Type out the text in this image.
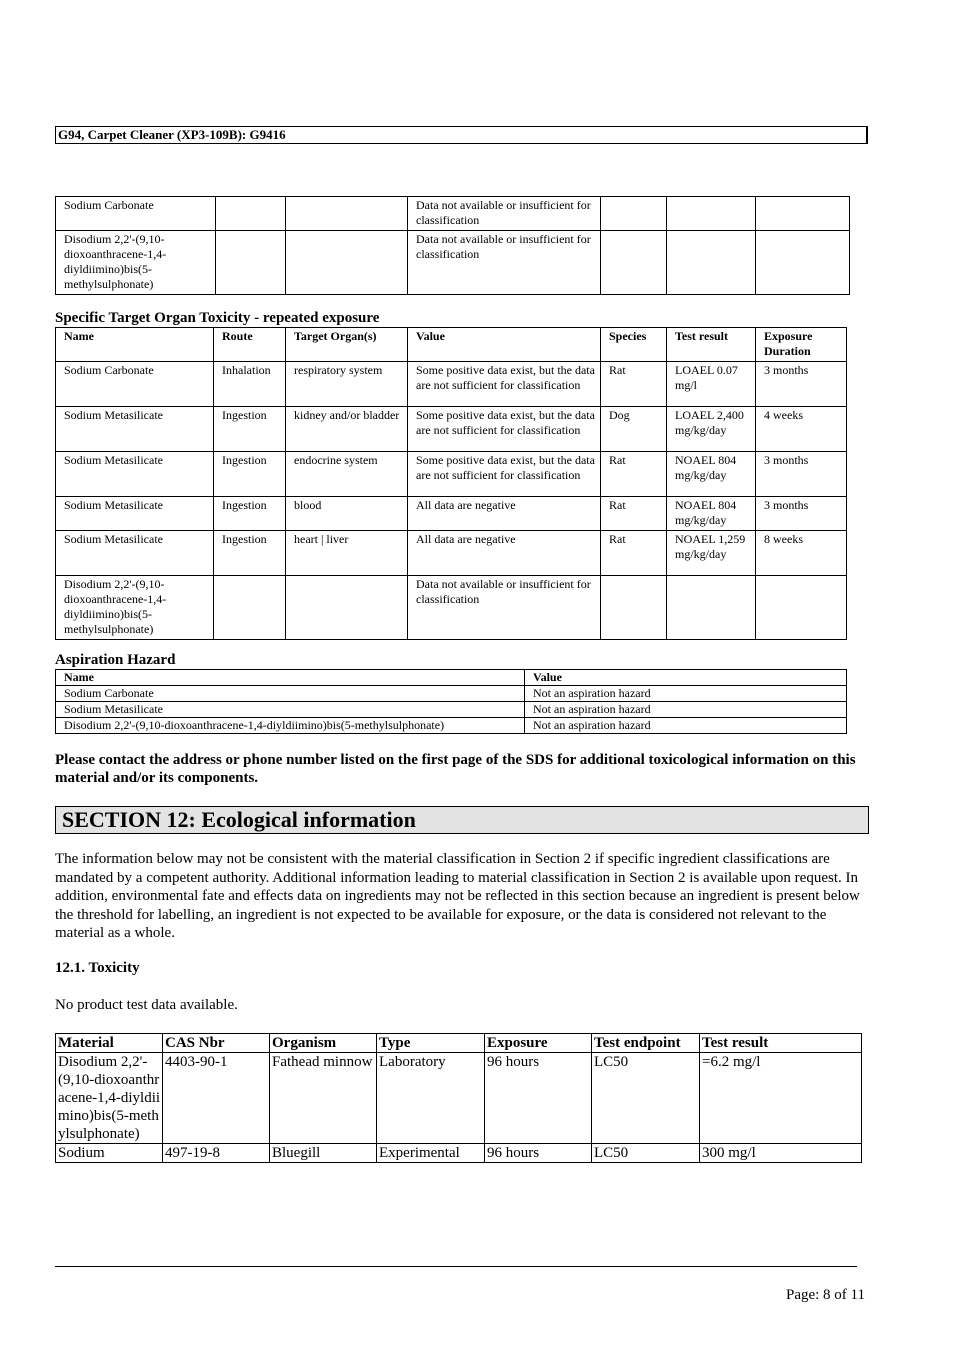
G94, Carpet Cleaner (XP3-109B): G9416
Sodium Carbonate			Data not available or insufficient for classification			
Disodium 2,2'-(9,10-dioxoanthracene-1,4-diyldiimino)bis(5-methylsulphonate)			Data not available or insufficient for classification			
Specific Target Organ Toxicity - repeated exposure
Name	Route	Target Organ(s)	Value	Species	Test result	Exposure Duration
Sodium Carbonate	Inhalation	respiratory system	Some positive data exist, but the data are not sufficient for classification	Rat	LOAEL 0.07 mg/l	3 months
Sodium Metasilicate	Ingestion	kidney and/or bladder	Some positive data exist, but the data are not sufficient for classification	Dog	LOAEL 2,400 mg/kg/day	4 weeks
Sodium Metasilicate	Ingestion	endocrine system	Some positive data exist, but the data are not sufficient for classification	Rat	NOAEL 804 mg/kg/day	3 months
Sodium Metasilicate	Ingestion	blood	All data are negative	Rat	NOAEL 804 mg/kg/day	3 months
Sodium Metasilicate	Ingestion	heart | liver	All data are negative	Rat	NOAEL 1,259 mg/kg/day	8 weeks
Disodium 2,2'-(9,10-dioxoanthracene-1,4-diyldiimino)bis(5-methylsulphonate)			Data not available or insufficient for classification			
Aspiration Hazard
Name	Value
Sodium Carbonate	Not an aspiration hazard
Sodium Metasilicate	Not an aspiration hazard
Disodium 2,2'-(9,10-dioxoanthracene-1,4-diyldiimino)bis(5-methylsulphonate)	Not an aspiration hazard
Please contact the address or phone number listed on the first page of the SDS for additional toxicological information on this material and/or its components.
SECTION 12: Ecological information
The information below may not be consistent with the material classification in Section 2 if specific ingredient classifications are mandated by a competent authority. Additional information leading to material classification in Section 2 is available upon request. In addition, environmental fate and effects data on ingredients may not be reflected in this section because an ingredient is present below the threshold for labelling, an ingredient is not expected to be available for exposure, or the data is considered not relevant to the material as a whole.
12.1. Toxicity
No product test data available.
Material	CAS Nbr	Organism	Type	Exposure	Test endpoint	Test result
Disodium 2,2'-(9,10-dioxoanthracene-1,4-diyldiimino)bis(5-methylsulphonate)	4403-90-1	Fathead minnow	Laboratory	96 hours	LC50	=6.2 mg/l
Sodium	497-19-8	Bluegill	Experimental	96 hours	LC50	300 mg/l
Page: 8 of 11
